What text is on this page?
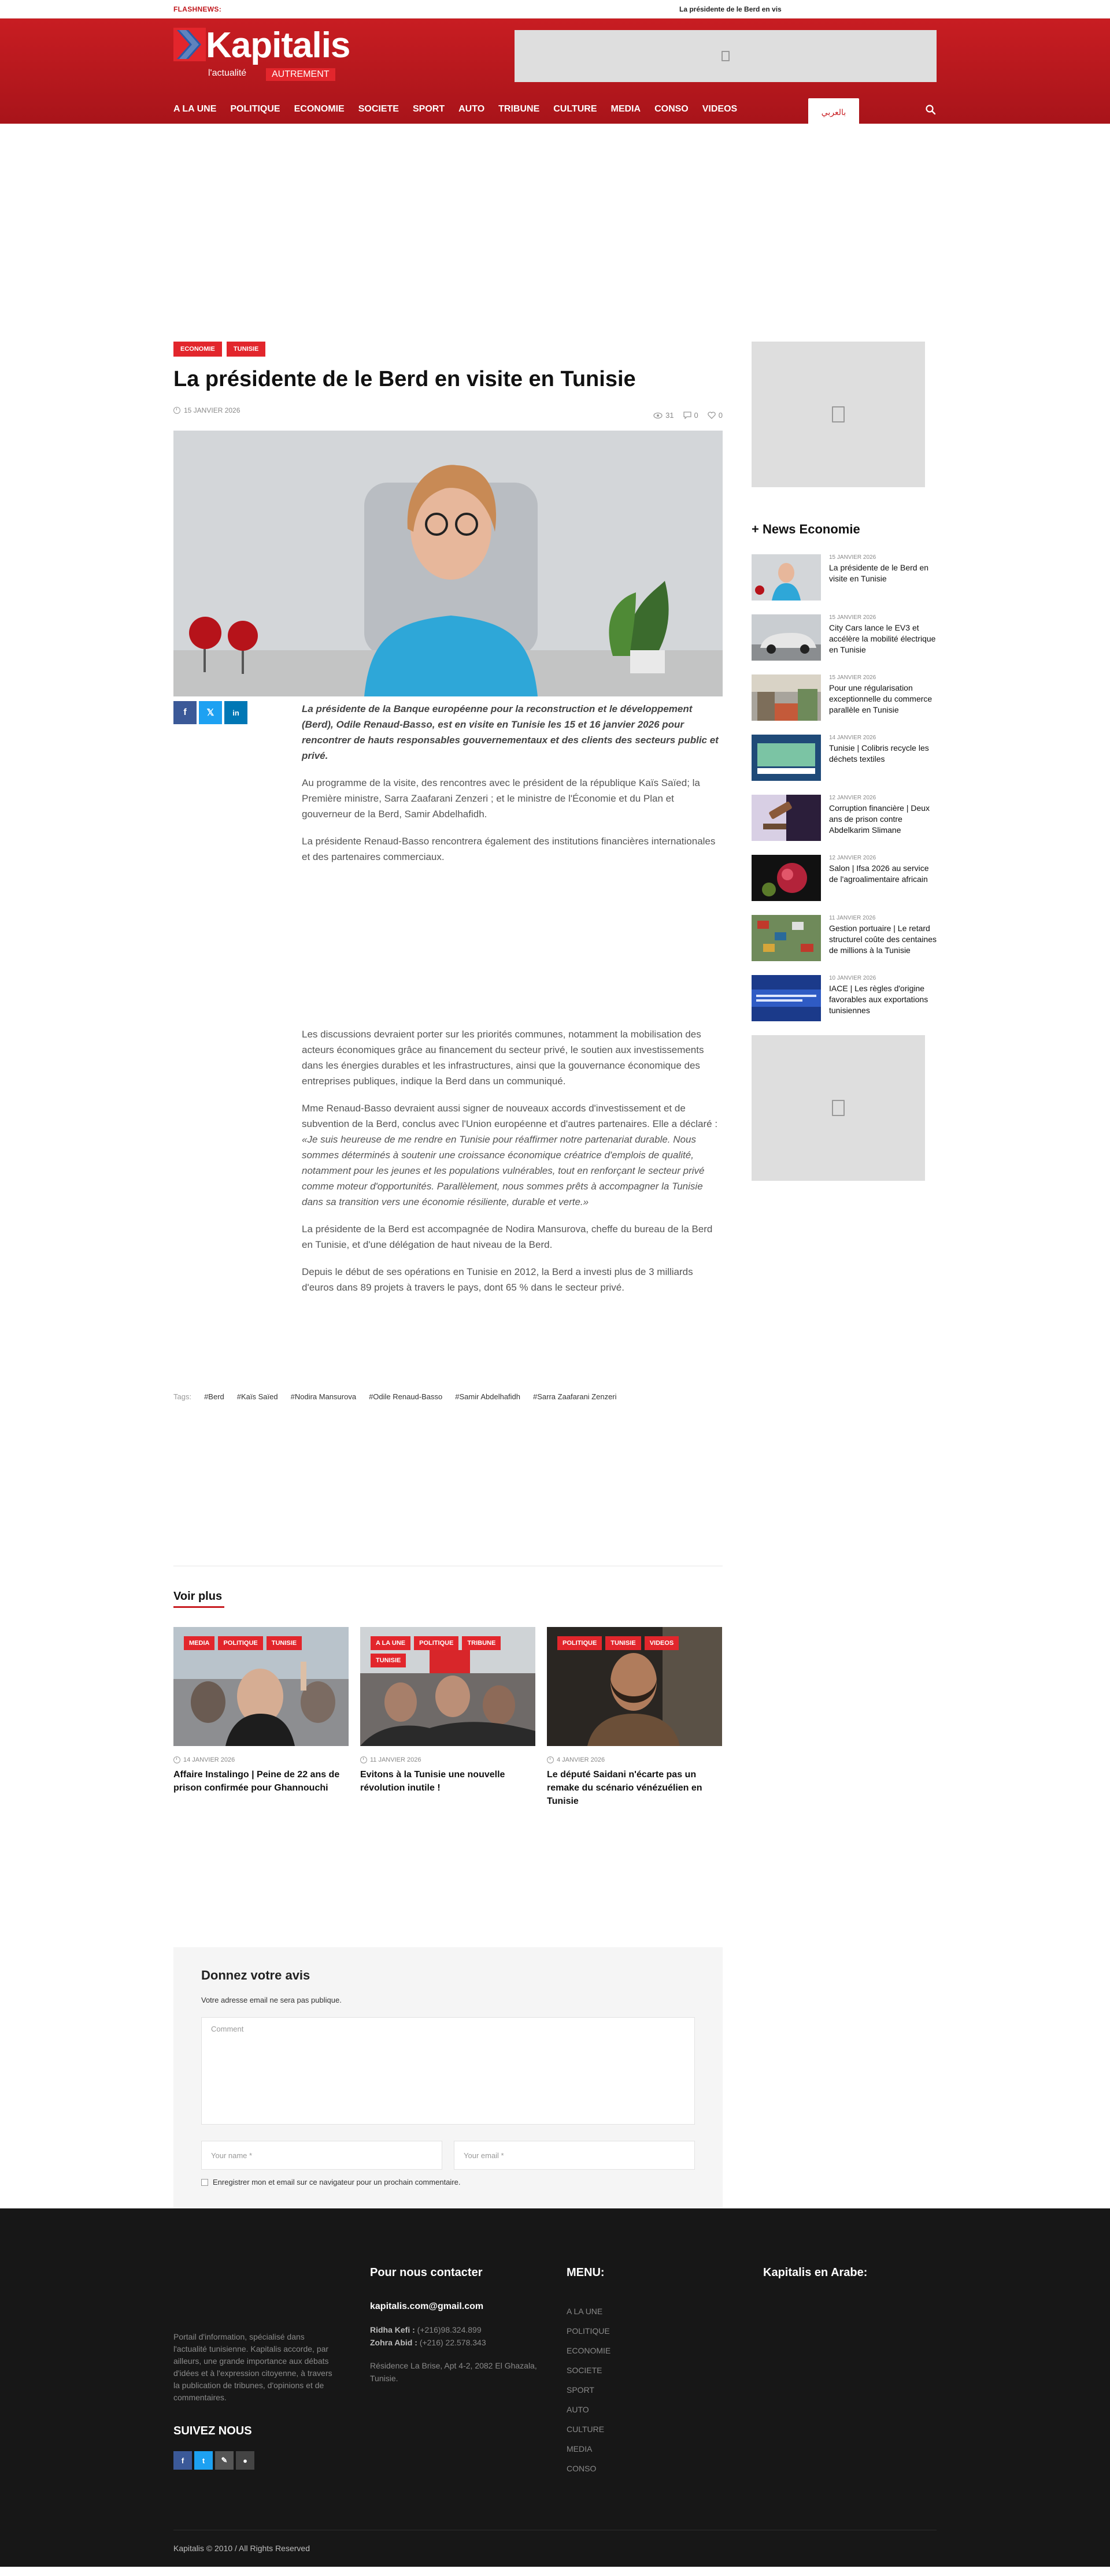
FLASHNEWS:	La présidente de le Berd en vis
Kapitalis
l'actualité	AUTREMENT
A LA UNE POLITIQUE ECONOMIE SOCIETE SPORT AUTO TRIBUNE CULTURE MEDIA CONSO VIDEOS	بالعربي
ECONOMIE	TUNISIE
La présidente de le Berd en visite en Tunisie
15 JANVIER 2026
31	0	0
f	𝕏	in	La présidente de la Banque européenne pour la reconstruction et le développement (Berd), Odile Renaud-Basso, est en visite en Tunisie les 15 et 16 janvier 2026 pour rencontrer de hauts responsables gouvernementaux et des clients des secteurs public et privé.

Au programme de la visite, des rencontres avec le président de la république Kaïs Saïed; la Première ministre, Sarra Zaafarani Zenzeri ; et le ministre de l'Économie et du Plan et gouverneur de la Berd, Samir Abdelhafidh.

La présidente Renaud-Basso rencontrera également des institutions financières internationales et des partenaires commerciaux.

Les discussions devraient porter sur les priorités communes, notamment la mobilisation des acteurs économiques grâce au financement du secteur privé, le soutien aux investissements dans les énergies durables et les infrastructures, ainsi que la gouvernance économique des entreprises publiques, indique la Berd dans un communiqué.

Mme Renaud-Basso devraient aussi signer de nouveaux accords d'investissement et de subvention de la Berd, conclus avec l'Union européenne et d'autres partenaires. Elle a déclaré : «Je suis heureuse de me rendre en Tunisie pour réaffirmer notre partenariat durable. Nous sommes déterminés à soutenir une croissance économique créatrice d'emplois de qualité, notamment pour les jeunes et les populations vulnérables, tout en renforçant le secteur privé comme moteur d'opportunités. Parallèlement, nous sommes prêts à accompagner la Tunisie dans sa transition vers une économie résiliente, durable et verte.»

La présidente de la Berd est accompagnée de Nodira Mansurova, cheffe du bureau de la Berd en Tunisie, et d'une délégation de haut niveau de la Berd.

Depuis le début de ses opérations en Tunisie en 2012, la Berd a investi plus de 3 milliards d'euros dans 89 projets à travers le pays, dont 65 % dans le secteur privé.

Tags: #Berd #Kaïs Saïed #Nodira Mansurova #Odile Renaud-Basso #Samir Abdelhafidh #Sarra Zaafarani Zenzeri
Voir plus
MEDIA	POLITIQUE	TUNISIE
14 JANVIER 2026
Affaire Instalingo | Peine de 22 ans de prison confirmée pour Ghannouchi
A LA UNE	POLITIQUE	TRIBUNE
TUNISIE
11 JANVIER 2026
Evitons à la Tunisie une nouvelle révolution inutile !
POLITIQUE	TUNISIE	VIDEOS
4 JANVIER 2026
Le député Saidani n'écarte pas un remake du scénario vénézuélien en Tunisie
Donnez votre avis
Votre adresse email ne sera pas publique.
Comment
Your name *	Your email *
Enregistrer mon et email sur ce navigateur pour un prochain commentaire.
+ News Economie
15 JANVIER 2026
La présidente de le Berd en visite en Tunisie
15 JANVIER 2026
City Cars lance le EV3 et accélère la mobilité électrique en Tunisie
15 JANVIER 2026
Pour une régularisation exceptionnelle du commerce parallèle en Tunisie
14 JANVIER 2026
Tunisie | Colibris recycle les déchets textiles
12 JANVIER 2026
Corruption financière | Deux ans de prison contre Abdelkarim Slimane
12 JANVIER 2026
Salon | Ifsa 2026 au service de l'agroalimentaire africain
11 JANVIER 2026
Gestion portuaire | Le retard structurel coûte des centaines de millions à la Tunisie
10 JANVIER 2026
IACE | Les règles d'origine favorables aux exportations tunisiennes
Portail d'information, spécialisé dans l'actualité tunisienne. Kapitalis accorde, par ailleurs, une grande importance aux débats d'idées et à l'expression citoyenne, à travers la publication de tribunes, d'opinions et de commentaires.
SUIVEZ NOUS
f	t	✎	●
Pour nous contacter
kapitalis.com@gmail.com
Ridha Kefi : (+216)98.324.899
Zohra Abid : (+216) 22.578.343
Résidence La Brise, Apt 4-2, 2082 El Ghazala, Tunisie.
MENU:
A LA UNE
POLITIQUE
ECONOMIE
SOCIETE
SPORT
AUTO
CULTURE
MEDIA
CONSO
Kapitalis en Arabe:
Kapitalis © 2010 / All Rights Reserved
